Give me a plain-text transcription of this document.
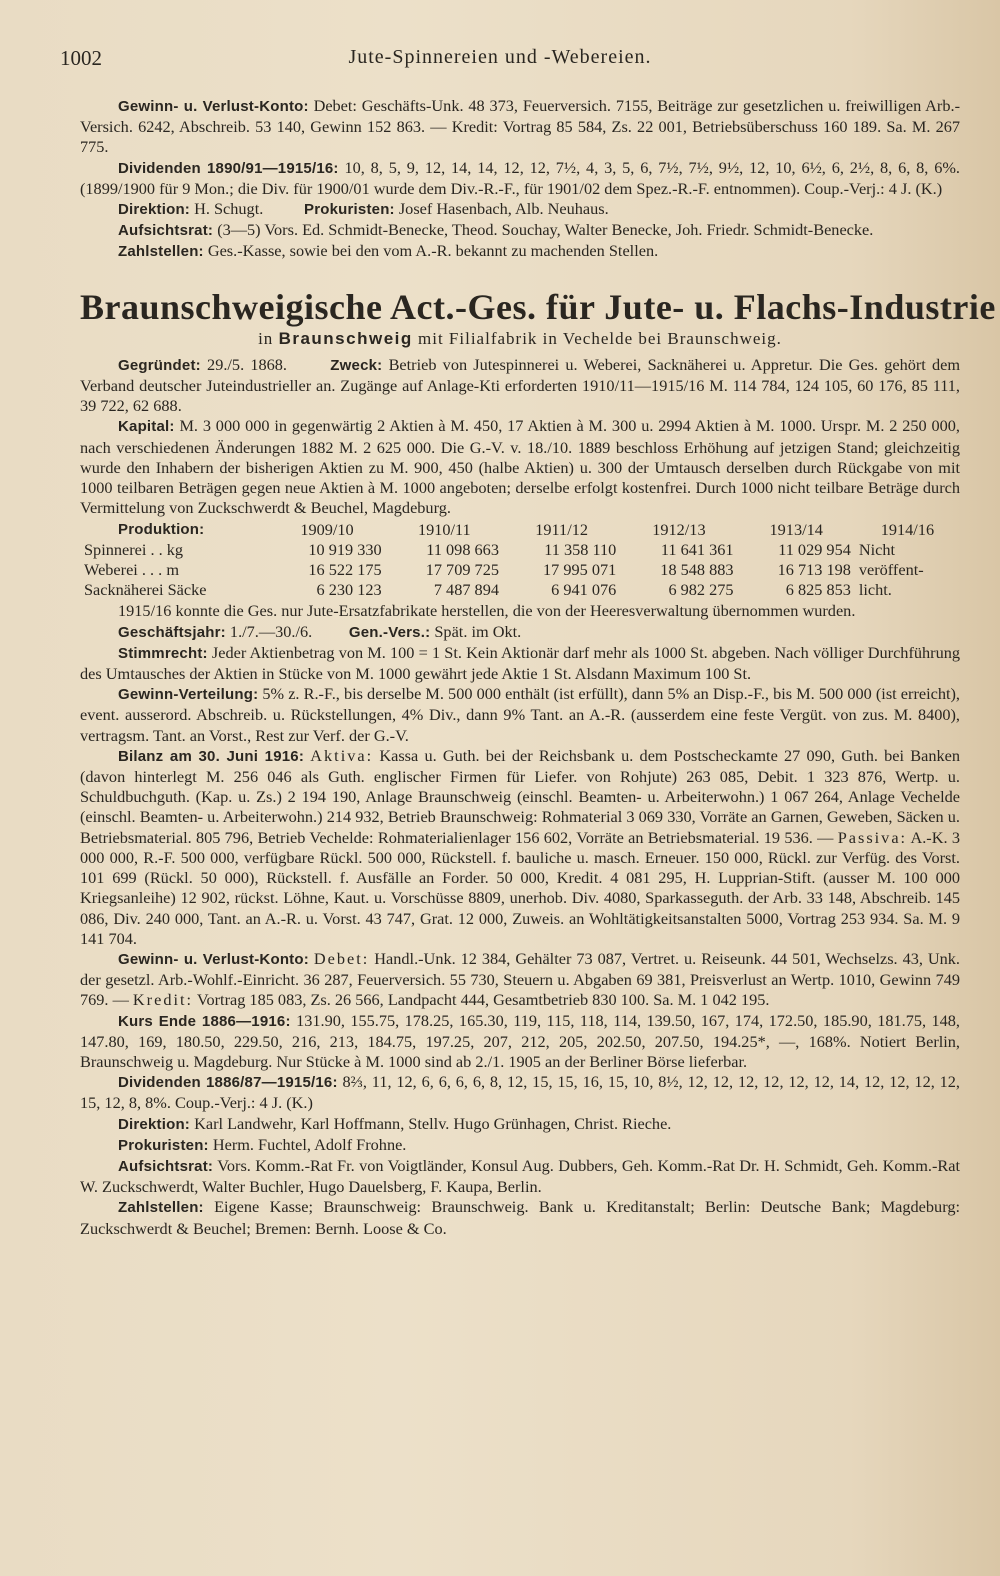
1002	Jute-Spinnereien und -Webereien.

Gewinn- u. Verlust-Konto: Debet: Geschäfts-Unk. 48 373, Feuerversich. 7155, Beiträge zur gesetzlichen u. freiwilligen Arb.-Versich. 6242, Abschreib. 53 140, Gewinn 152 863. — Kredit: Vortrag 85 584, Zs. 22 001, Betriebsüberschuss 160 189. Sa. M. 267 775.

Dividenden 1890/91—1915/16: 10, 8, 5, 9, 12, 14, 14, 12, 12, 7½, 4, 3, 5, 6, 7½, 7½, 9½, 12, 10, 6½, 6, 2½, 8, 6, 8, 6%. (1899/1900 für 9 Mon.; die Div. für 1900/01 wurde dem Div.-R.-F., für 1901/02 dem Spez.-R.-F. entnommen). Coup.-Verj.: 4 J. (K.)

Direktion: H. Schugt.	Prokuristen: Josef Hasenbach, Alb. Neuhaus.

Aufsichtsrat: (3—5) Vors. Ed. Schmidt-Benecke, Theod. Souchay, Walter Benecke, Joh. Friedr. Schmidt-Benecke.

Zahlstellen: Ges.-Kasse, sowie bei den vom A.-R. bekannt zu machenden Stellen.

Braunschweigische Act.-Ges. für Jute- u. Flachs-Industrie

in Braunschweig mit Filialfabrik in Vechelde bei Braunschweig.

Gegründet: 29./5. 1868.	Zweck: Betrieb von Jutespinnerei u. Weberei, Sacknäherei u. Appretur. Die Ges. gehört dem Verband deutscher Juteindustrieller an. Zugänge auf Anlage-Kti erforderten 1910/11—1915/16 M. 114 784, 124 105, 60 176, 85 111, 39 722, 62 688.

Kapital: M. 3 000 000 in gegenwärtig 2 Aktien à M. 450, 17 Aktien à M. 300 u. 2994 Aktien à M. 1000. Urspr. M. 2 250 000, nach verschiedenen Änderungen 1882 M. 2 625 000. Die G.-V. v. 18./10. 1889 beschloss Erhöhung auf jetzigen Stand; gleichzeitig wurde den Inhabern der bisherigen Aktien zu M. 900, 450 (halbe Aktien) u. 300 der Umtausch derselben durch Rückgabe von mit 1000 teilbaren Beträgen gegen neue Aktien à M. 1000 angeboten; derselbe erfolgt kostenfrei. Durch 1000 nicht teilbare Beträge durch Vermittelung von Zuckschwerdt & Beuchel, Magdeburg.

Produktion:	1909/10	1910/11	1911/12	1912/13	1913/14	1914/16
Spinnerei . . kg	10 919 330	11 098 663	11 358 110	11 641 361	11 029 954	Nicht
Weberei . . . m	16 522 175	17 709 725	17 995 071	18 548 883	16 713 198	veröffent-
Sacknäherei Säcke	6 230 123	7 487 894	6 941 076	6 982 275	6 825 853	licht.

1915/16 konnte die Ges. nur Jute-Ersatzfabrikate herstellen, die von der Heeresverwaltung übernommen wurden.

Geschäftsjahr: 1./7.—30./6. Gen.-Vers.: Spät. im Okt.

Stimmrecht: Jeder Aktienbetrag von M. 100 = 1 St. Kein Aktionär darf mehr als 1000 St. abgeben. Nach völliger Durchführung des Umtausches der Aktien in Stücke von M. 1000 gewährt jede Aktie 1 St. Alsdann Maximum 100 St.

Gewinn-Verteilung: 5% z. R.-F., bis derselbe M. 500 000 enthält (ist erfüllt), dann 5% an Disp.-F., bis M. 500 000 (ist erreicht), event. ausserord. Abschreib. u. Rückstellungen, 4% Div., dann 9% Tant. an A.-R. (ausserdem eine feste Vergüt. von zus. M. 8400), vertragsm. Tant. an Vorst., Rest zur Verf. der G.-V.

Bilanz am 30. Juni 1916: Aktiva: Kassa u. Guth. bei der Reichsbank u. dem Postscheckamte 27 090, Guth. bei Banken (davon hinterlegt M. 256 046 als Guth. englischer Firmen für Liefer. von Rohjute) 263 085, Debit. 1 323 876, Wertp. u. Schuldbuchguth. (Kap. u. Zs.) 2 194 190, Anlage Braunschweig (einschl. Beamten- u. Arbeiterwohn.) 1 067 264, Anlage Vechelde (einschl. Beamten- u. Arbeiterwohn.) 214 932, Betrieb Braunschweig: Rohmaterial 3 069 330, Vorräte an Garnen, Geweben, Säcken u. Betriebsmaterial. 805 796, Betrieb Vechelde: Rohmaterialienlager 156 602, Vorräte an Betriebsmaterial. 19 536. — Passiva: A.-K. 3 000 000, R.-F. 500 000, verfügbare Rückl. 500 000, Rückstell. f. bauliche u. masch. Erneuer. 150 000, Rückl. zur Verfüg. des Vorst. 101 699 (Rückl. 50 000), Rückstell. f. Ausfälle an Forder. 50 000, Kredit. 4 081 295, H. Lupprian-Stift. (ausser M. 100 000 Kriegsanleihe) 12 902, rückst. Löhne, Kaut. u. Vorschüsse 8809, unerhob. Div. 4080, Sparkasseguth. der Arb. 33 148, Abschreib. 145 086, Div. 240 000, Tant. an A.-R. u. Vorst. 43 747, Grat. 12 000, Zuweis. an Wohltätigkeitsanstalten 5000, Vortrag 253 934. Sa. M. 9 141 704.

Gewinn- u. Verlust-Konto: Debet: Handl.-Unk. 12 384, Gehälter 73 087, Vertret. u. Reiseunk. 44 501, Wechselzs. 43, Unk. der gesetzl. Arb.-Wohlf.-Einricht. 36 287, Feuerversich. 55 730, Steuern u. Abgaben 69 381, Preisverlust an Wertp. 1010, Gewinn 749 769. — Kredit: Vortrag 185 083, Zs. 26 566, Landpacht 444, Gesamtbetrieb 830 100. Sa. M. 1 042 195.

Kurs Ende 1886—1916: 131.90, 155.75, 178.25, 165.30, 119, 115, 118, 114, 139.50, 167, 174, 172.50, 185.90, 181.75, 148, 147.80, 169, 180.50, 229.50, 216, 213, 184.75, 197.25, 207, 212, 205, 202.50, 207.50, 194.25*, —, 168%. Notiert Berlin, Braunschweig u. Magdeburg. Nur Stücke à M. 1000 sind ab 2./1. 1905 an der Berliner Börse lieferbar.

Dividenden 1886/87—1915/16: 8⅔, 11, 12, 6, 6, 6, 6, 8, 12, 15, 15, 16, 15, 10, 8½, 12, 12, 12, 12, 12, 12, 14, 12, 12, 12, 12, 15, 12, 8, 8%. Coup.-Verj.: 4 J. (K.)

Direktion: Karl Landwehr, Karl Hoffmann, Stellv. Hugo Grünhagen, Christ. Rieche.

Prokuristen: Herm. Fuchtel, Adolf Frohne.

Aufsichtsrat: Vors. Komm.-Rat Fr. von Voigtländer, Konsul Aug. Dubbers, Geh. Komm.-Rat Dr. H. Schmidt, Geh. Komm.-Rat W. Zuckschwerdt, Walter Buchler, Hugo Dauelsberg, F. Kaupa, Berlin.

Zahlstellen: Eigene Kasse; Braunschweig: Braunschweig. Bank u. Kreditanstalt; Berlin: Deutsche Bank; Magdeburg: Zuckschwerdt & Beuchel; Bremen: Bernh. Loose & Co.
